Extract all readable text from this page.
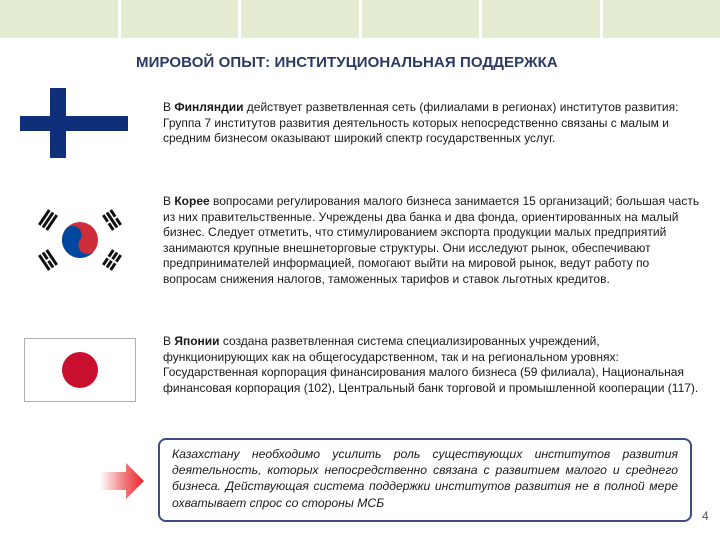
МИРОВОЙ ОПЫТ: ИНСТИТУЦИОНАЛЬНАЯ ПОДДЕРЖКА
В Финляндии действует разветвленная сеть (филиалами в регионах) институтов развития: Группа 7 институтов развития деятельность которых непосредственно связаны с малым и средним бизнесом оказывают широкий спектр государственных услуг.
В Корее вопросами регулирования малого бизнеса занимается 15 организаций; большая часть из них правительственные. Учреждены два банка и два фонда, ориентированных на малый бизнес. Следует отметить, что стимулированием экспорта продукции малых предприятий занимаются крупные внешнеторговые структуры. Они исследуют рынок, обеспечивают предпринимателей информацией, помогают выйти на мировой рынок, ведут работу по вопросам снижения налогов, таможенных тарифов и ставок льготных кредитов.
В Японии создана разветвленная система специализированных учреждений, функционирующих как на общегосударственном, так и на региональном уровнях: Государственная корпорация финансирования малого бизнеса (59 филиала), Национальная финансовая корпорация (102), Центральный банк торговой и промышленной кооперации (117).
Казахстану необходимо усилить роль существующих институтов развития деятельность, которых непосредственно связана с развитием малого и среднего бизнеса. Действующая система поддержки институтов развития не в полной мере охватывает спрос со стороны МСБ
4
